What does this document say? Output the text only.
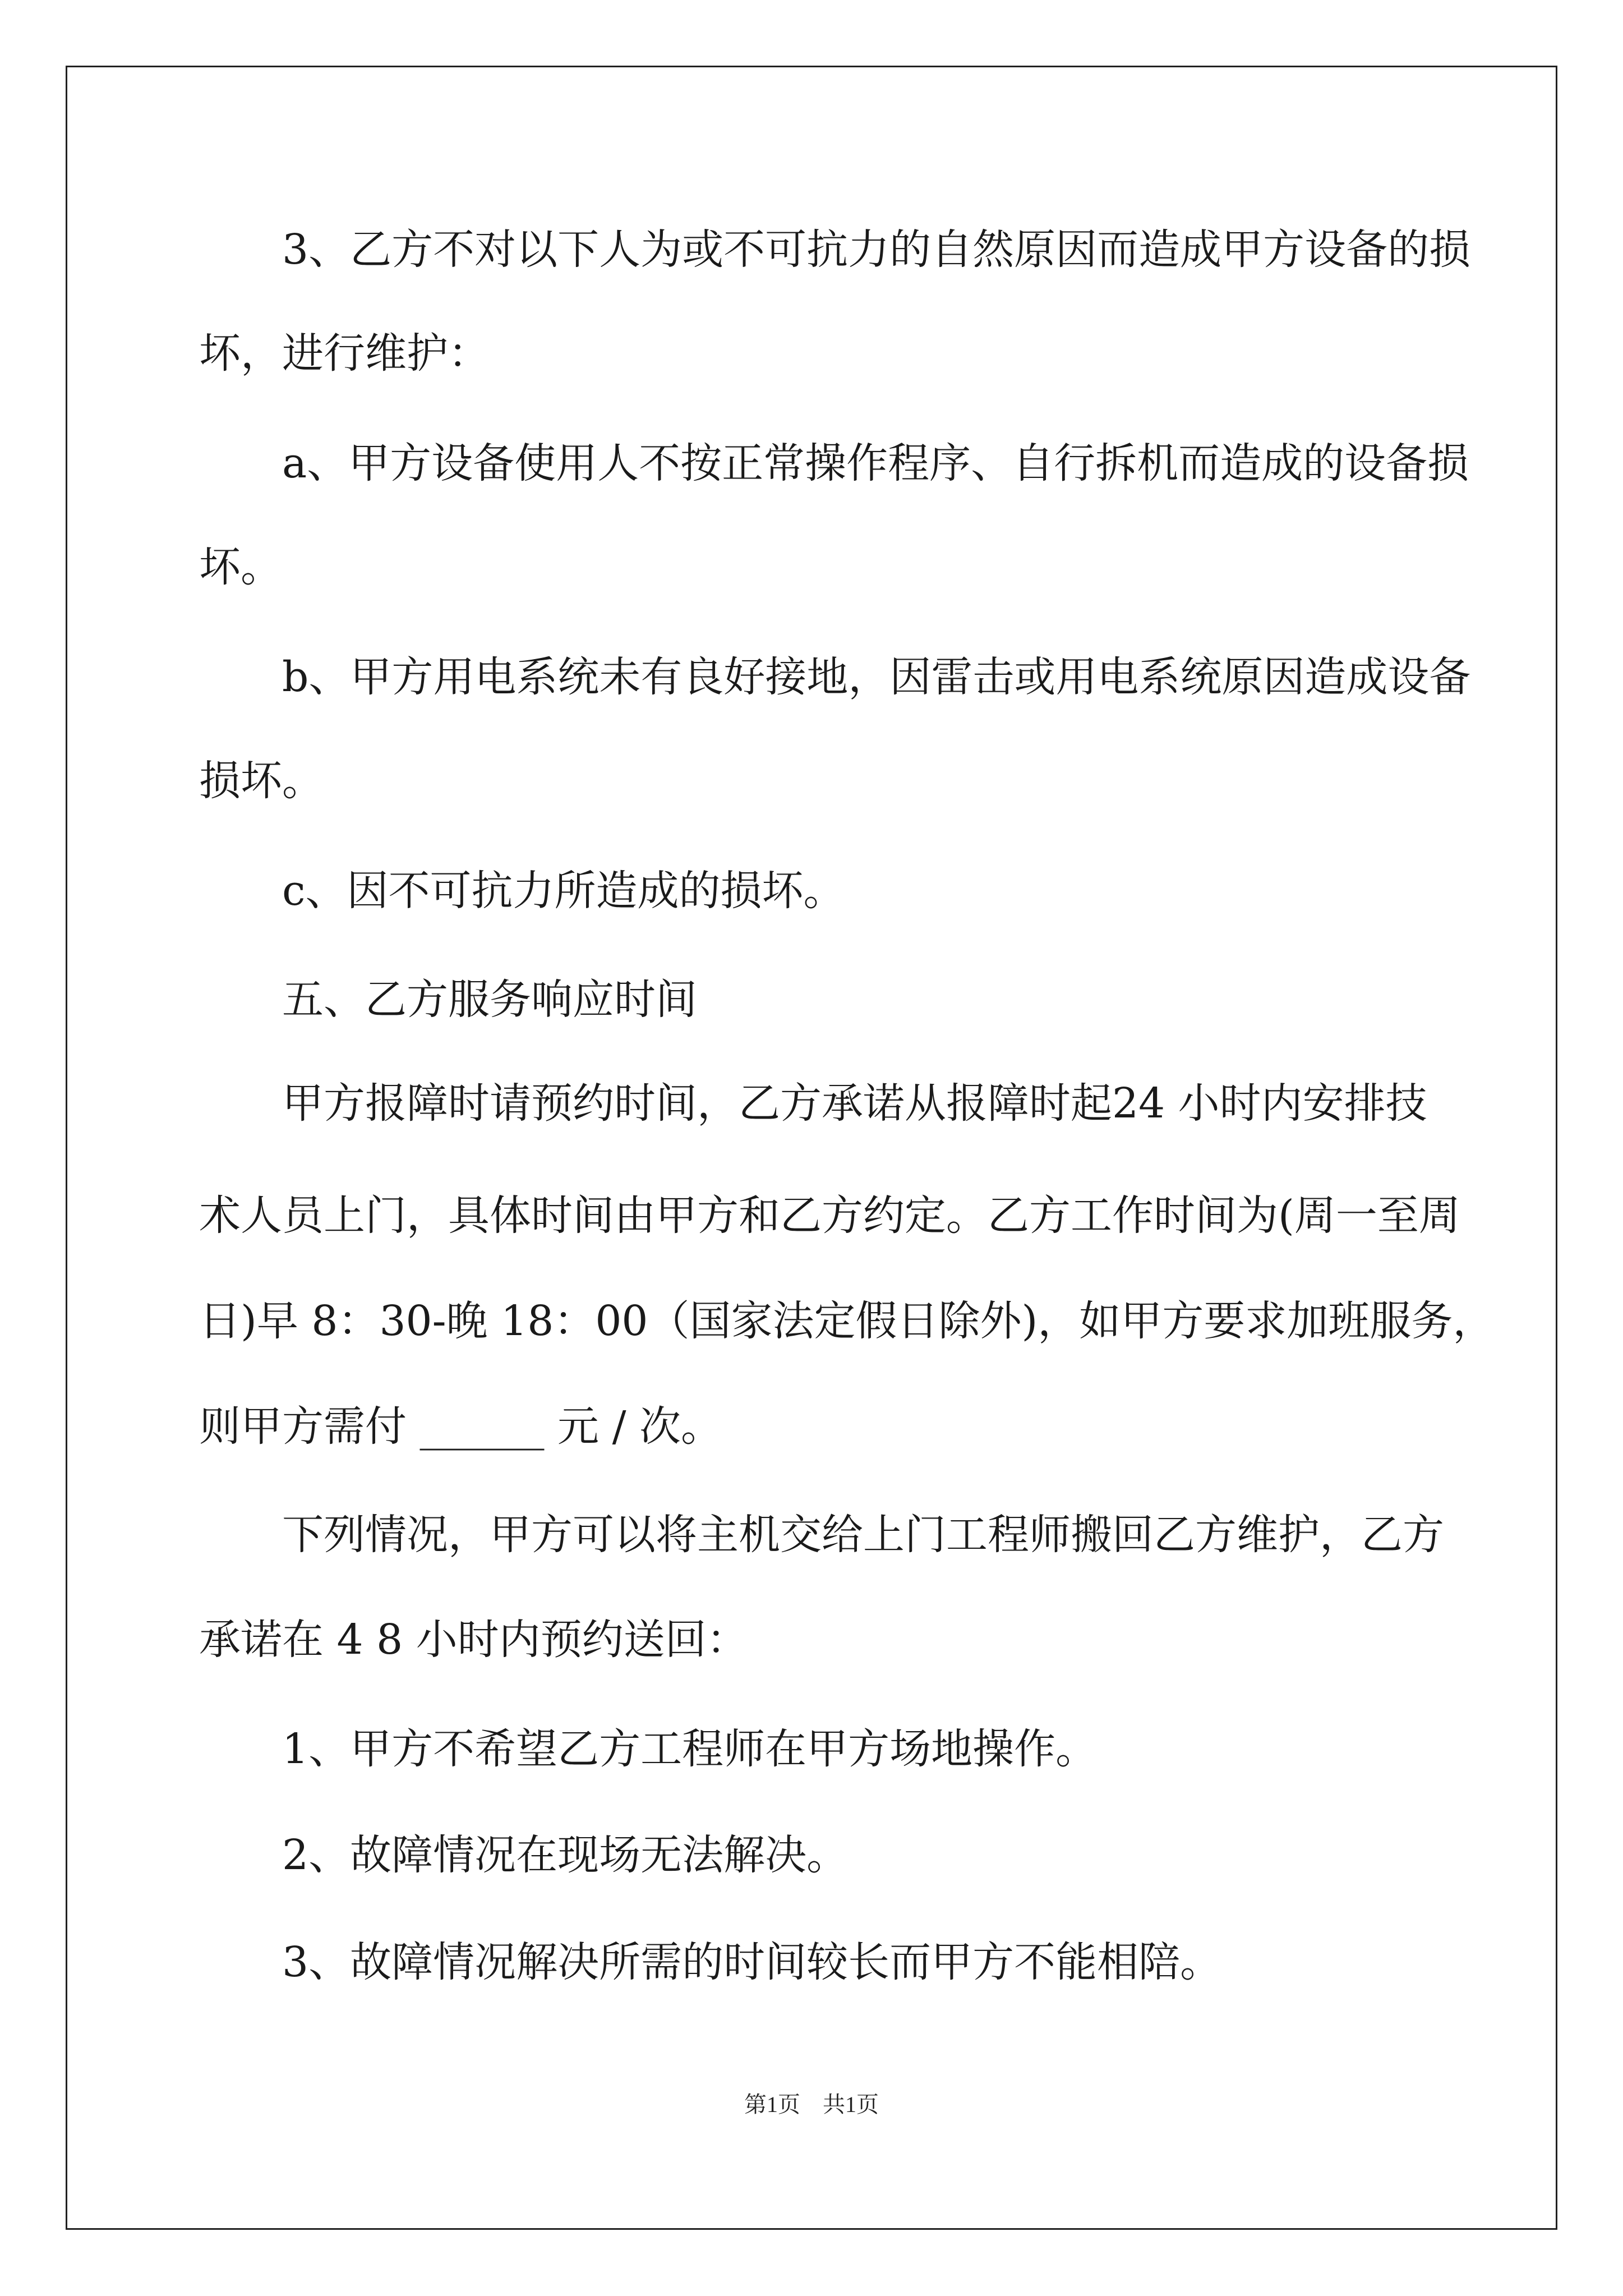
　　3、乙方不对以下人为或不可抗力的自然原因而造成甲方设备的损

坏，进行维护：

　　a、甲方设备使用人不按正常操作程序、自行拆机而造成的设备损

坏。

　　b、甲方用电系统未有良好接地，因雷击或用电系统原因造成设备

损坏。

　　c、因不可抗力所造成的损坏。

　　五、乙方服务响应时间

　　甲方报障时请预约时间，乙方承诺从报障时起24 小时内安排技

术人员上门，具体时间由甲方和乙方约定。乙方工作时间为(周一至周

日)早 8：30-晚 18：00（国家法定假日除外)，如甲方要求加班服务，

则甲方需付 ______ 元 / 次。

　　下列情况，甲方可以将主机交给上门工程师搬回乙方维护，乙方

承诺在 4 8 小时内预约送回：

　　1、甲方不希望乙方工程师在甲方场地操作。

　　2、故障情况在现场无法解决。

　　3、故障情况解决所需的时间较长而甲方不能相陪。

第1页　共1页
